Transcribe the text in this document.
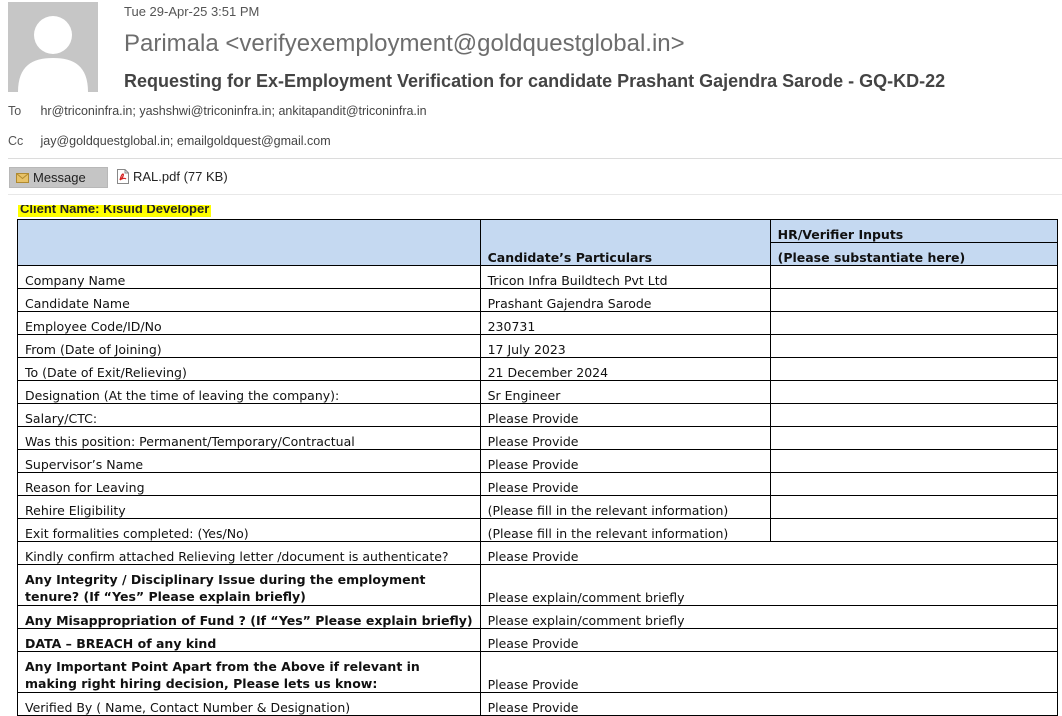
Tue 29-Apr-25 3:51 PM
Parimala <verifyexemployment@goldquestglobal.in>
Requesting for Ex-Employment Verification for candidate Prashant Gajendra Sarode - GQ-KD-22
To hr@triconinfra.in; yashshwi@triconinfra.in; ankitapandit@triconinfra.in
Cc jay@goldquestglobal.in; emailgoldquest@gmail.com
Message	RAL.pdf (77 KB)
Client Name: Kisuid Developer
	Candidate’s Particulars	HR/Verifier Inputs
		(Please substantiate here)
Company Name	Tricon Infra Buildtech Pvt Ltd	
Candidate Name	Prashant Gajendra Sarode	
Employee Code/ID/No	230731	
From (Date of Joining)	17 July 2023	
To (Date of Exit/Relieving)	21 December 2024	
Designation (At the time of leaving the company):	Sr Engineer	
Salary/CTC:	Please Provide	
Was this position: Permanent/Temporary/Contractual	Please Provide	
Supervisor’s Name	Please Provide	
Reason for Leaving	Please Provide	
Rehire Eligibility	(Please fill in the relevant information)	
Exit formalities completed: (Yes/No)	(Please fill in the relevant information)	
Kindly confirm attached Relieving letter /document is authenticate?	Please Provide	
Any Integrity / Disciplinary Issue during the employment tenure? (If “Yes” Please explain briefly)	Please explain/comment briefly	
Any Misappropriation of Fund ? (If “Yes” Please explain briefly)	Please explain/comment briefly	
DATA – BREACH of any kind	Please Provide	
Any Important Point Apart from the Above if relevant in making right hiring decision, Please lets us know:	Please Provide	
Verified By ( Name, Contact Number & Designation)	Please Provide	
